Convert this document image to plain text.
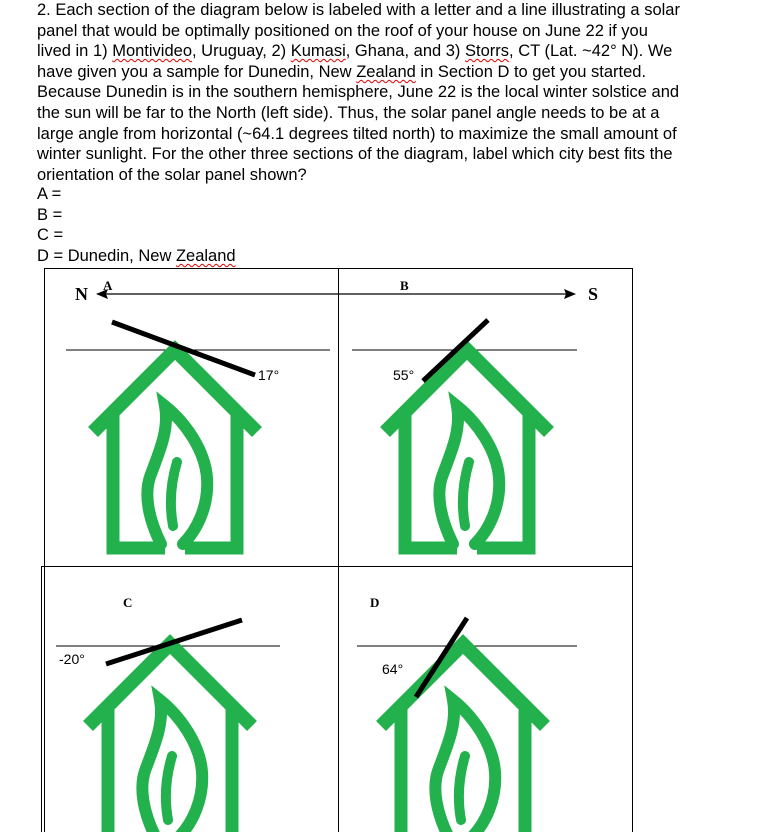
2. Each section of the diagram below is labeled with a letter and a line illustrating a solar
panel that would be optimally positioned on the roof of your house on June 22 if you
lived in 1) Montivideo, Uruguay, 2) Kumasi, Ghana, and 3) Storrs, CT (Lat. ~42° N). We
have given you a sample for Dunedin, New Zealand in Section D to get you started.
Because Dunedin is in the southern hemisphere, June 22 is the local winter solstice and
the sun will be far to the North (left side). Thus, the solar panel angle needs to be at a
large angle from horizontal (~64.1 degrees tilted north) to maximize the small amount of
winter sunlight. For the other three sections of the diagram, label which city best fits the
orientation of the solar panel shown?

A =
B =
C =
D = Dunedin, New Zealand
N	S
A
17°
B
55°
C
-20°
D
64°
